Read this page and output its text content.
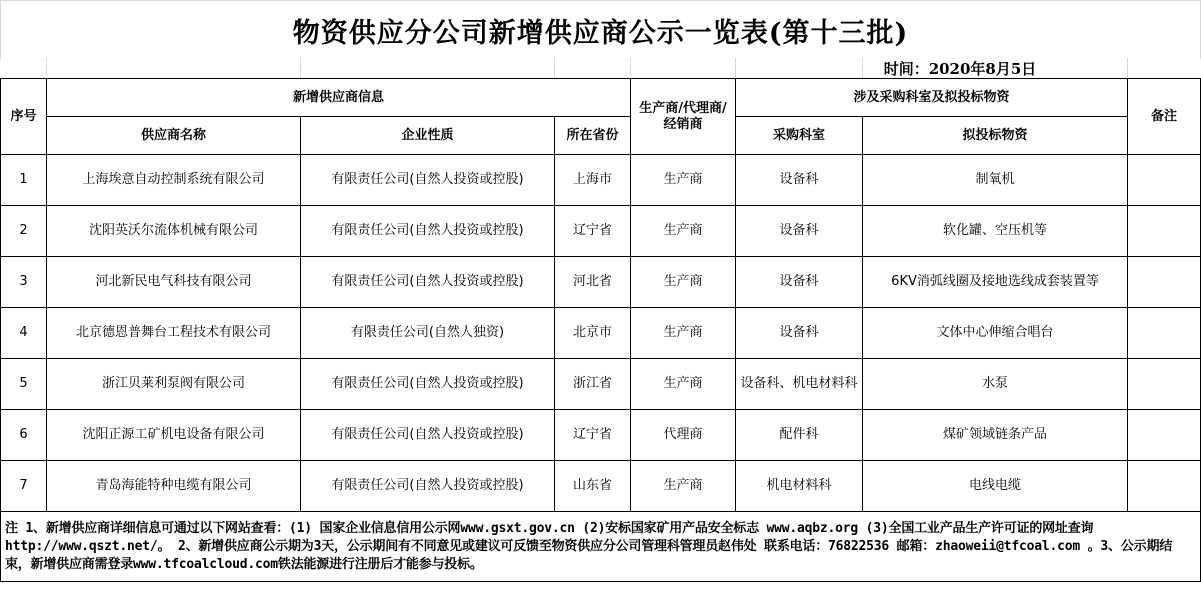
物资供应分公司新增供应商公示一览表(第十三批)
时间：2020年8月5日
序号	新增供应商信息			生产商/代理商/经销商	涉及采购科室及拟投标物资		备注
	供应商名称	企业性质	所在省份		采购科室	拟投标物资	
1	上海埃意自动控制系统有限公司	有限责任公司(自然人投资或控股)	上海市	生产商	设备科	制氧机	
2	沈阳英沃尔流体机械有限公司	有限责任公司(自然人投资或控股)	辽宁省	生产商	设备科	软化罐、空压机等	
3	河北新民电气科技有限公司	有限责任公司(自然人投资或控股)	河北省	生产商	设备科	6KV消弧线圈及接地选线成套装置等	
4	北京德恩普舞台工程技术有限公司	有限责任公司(自然人独资)	北京市	生产商	设备科	文体中心伸缩合唱台	
5	浙江贝莱利泵阀有限公司	有限责任公司(自然人投资或控股)	浙江省	生产商	设备科、机电材料科	水泵	
6	沈阳正源工矿机电设备有限公司	有限责任公司(自然人投资或控股)	辽宁省	代理商	配件科	煤矿领域链条产品	
7	青岛海能特种电缆有限公司	有限责任公司(自然人投资或控股)	山东省	生产商	机电材料科	电线电缆	
注 1、新增供应商详细信息可通过以下网站查看：(1) 国家企业信息信用公示网www.gsxt.gov.cn (2)安标国家矿用产品安全标志 www.aqbz.org (3)全国工业产品生产许可证的网址查询http://www.qszt.net/。 2、新增供应商公示期为3天，公示期间有不同意见或建议可反馈至物资供应分公司管理科管理员赵伟处 联系电话：76822536 邮箱：zhaoweii@tfcoal.com 。3、公示期结束，新增供应商需登录www.tfcoalcloud.com铁法能源进行注册后才能参与投标。							
